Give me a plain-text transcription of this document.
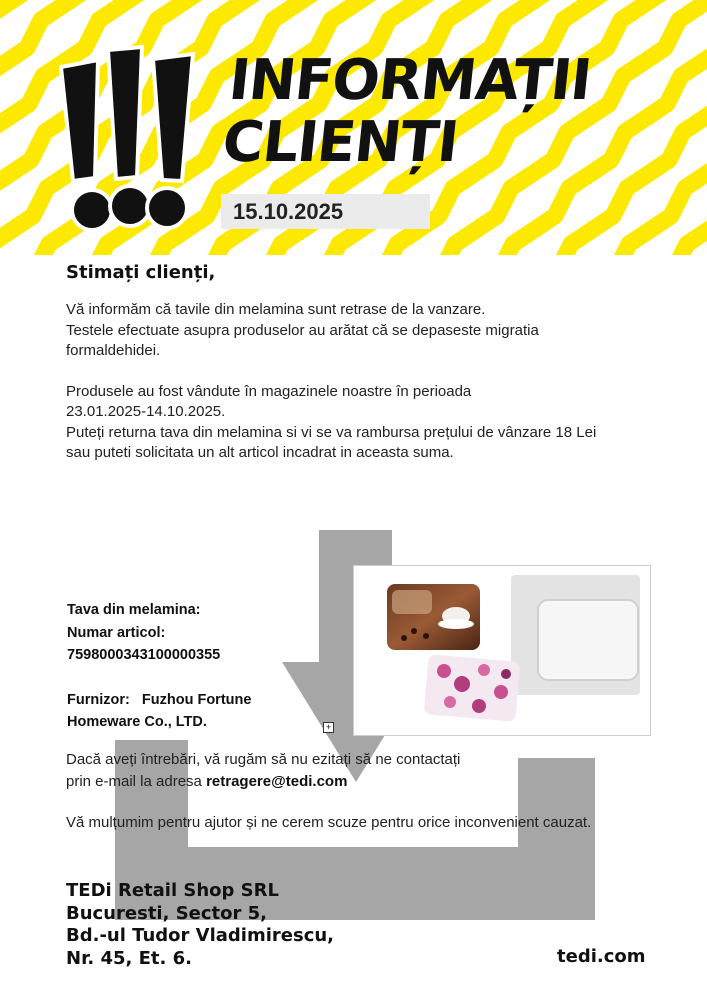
INFORMAȚII
CLIENȚI
15.10.2025
Stimați clienți,

Vă informăm că tavile din melamina sunt retrase de la vanzare.

Testele efectuate asupra produselor au arătat că se depaseste migratia

formaldehidei.

Produsele au fost vândute în magazinele noastre în perioada

23.01.2025-14.10.2025.

Puteți returna tava din melamina si vi se va rambursa prețului de vânzare 18 Lei

sau puteti solicitata un alt articol incadrat in aceasta suma.

Tava din melamina:
Numar articol:
7598000343100000355
Furnizor:   Fuzhou Fortune
Homeware Co., LTD.	+
Dacă aveți întrebări, vă rugăm să nu ezitați să ne contactați
prin e-mail la adresa retragere@tedi.com
Vă mulțumim pentru ajutor și ne cerem scuze pentru orice inconvenient cauzat.
TEDi Retail Shop SRL
Bucuresti, Sector 5,
Bd.-ul Tudor Vladimirescu,
Nr. 45, Et. 6.	tedi.com
